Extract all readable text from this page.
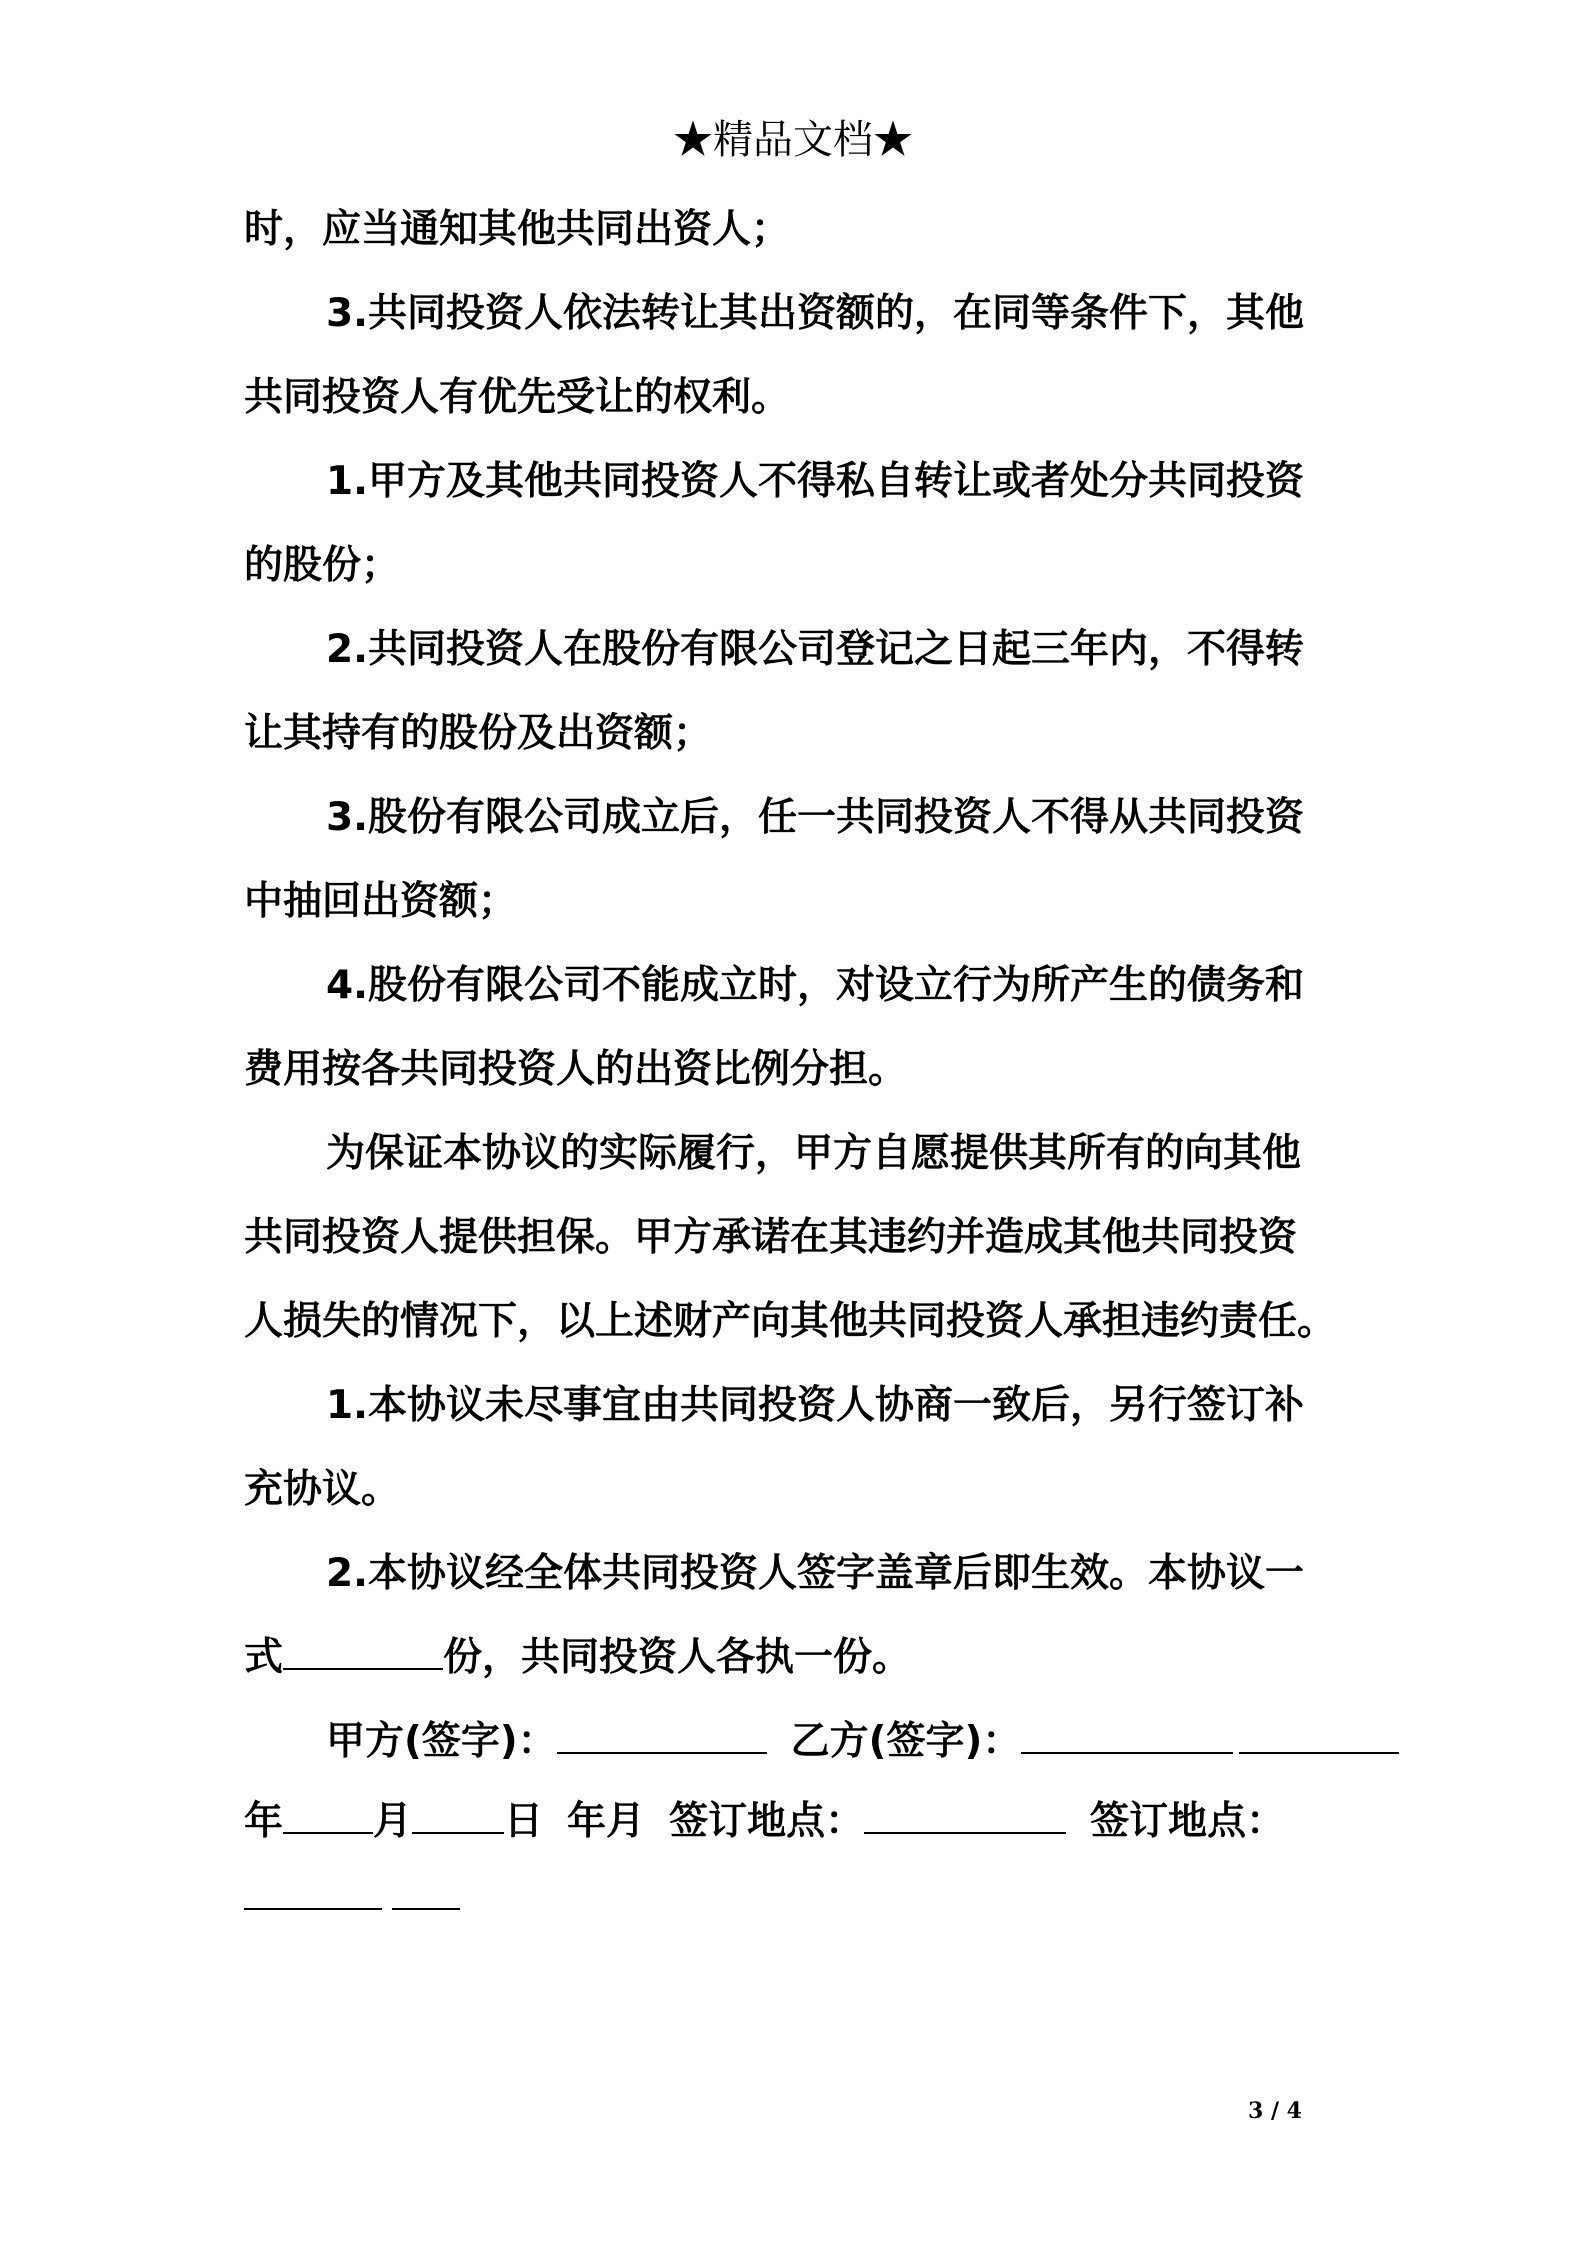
★精品文档★
时，应当通知其他共同出资人；
3.共同投资人依法转让其出资额的，在同等条件下，其他
共同投资人有优先受让的权利。
1.甲方及其他共同投资人不得私自转让或者处分共同投资
的股份；
2.共同投资人在股份有限公司登记之日起三年内，不得转
让其持有的股份及出资额；
3.股份有限公司成立后，任一共同投资人不得从共同投资
中抽回出资额；
4.股份有限公司不能成立时，对设立行为所产生的债务和
费用按各共同投资人的出资比例分担。
为保证本协议的实际履行，甲方自愿提供其所有的向其他
共同投资人提供担保。甲方承诺在其违约并造成其他共同投资
人损失的情况下，以上述财产向其他共同投资人承担违约责任。
1.本协议未尽事宜由共同投资人协商一致后，另行签订补
充协议。
2.本协议经全体共同投资人签字盖章后即生效。本协议一
式	份，共同投资人各执一份。
甲方(签字)：	乙方(签字)：
年 月 日 年月 签订地点：	签订地点：
3 / 4
